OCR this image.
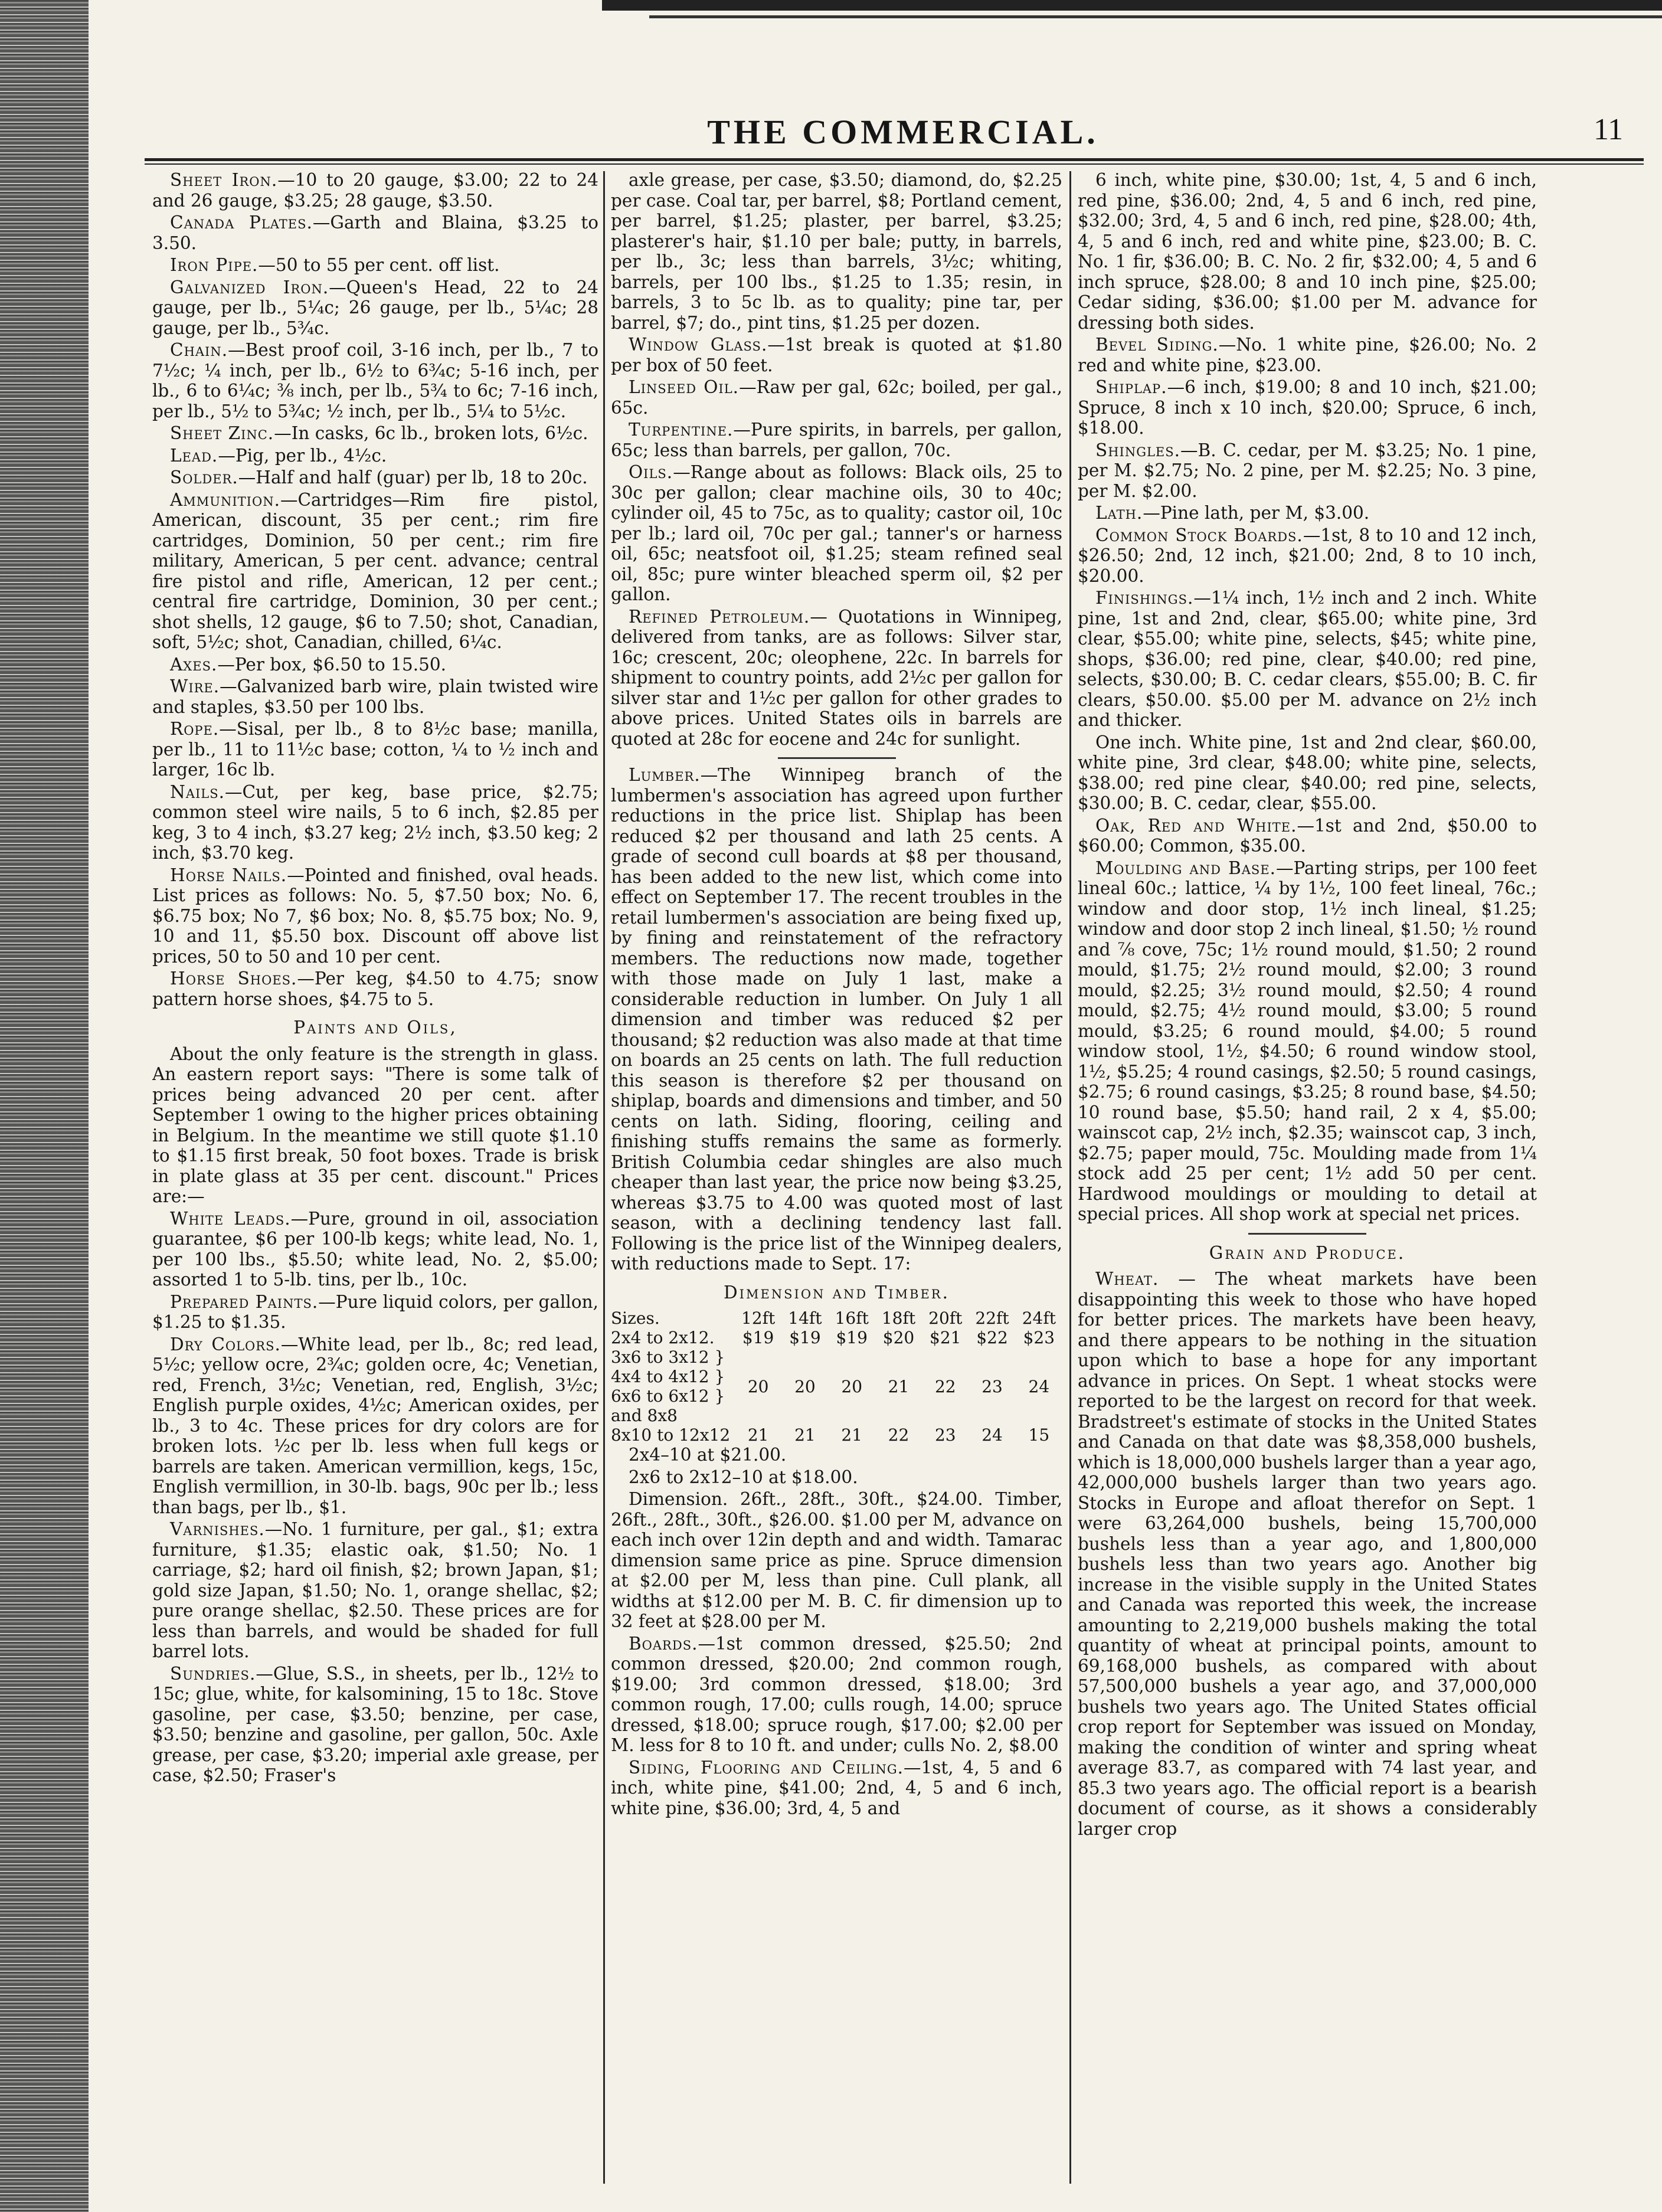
THE COMMERCIAL.	11

Sheet Iron.—10 to 20 gauge, $3.00; 22 to 24 and 26 gauge, $3.25; 28 gauge, $3.50.

Canada Plates.—Garth and Blaina, $3.25 to 3.50.

Iron Pipe.—50 to 55 per cent. off list.

Galvanized Iron.—Queen's Head, 22 to 24 gauge, per lb., 5¼c; 26 gauge, per lb., 5¼c; 28 gauge, per lb., 5¾c.

Chain.—Best proof coil, 3-16 inch, per lb., 7 to 7½c; ¼ inch, per lb., 6½ to 6¾c; 5-16 inch, per lb., 6 to 6¼c; ⅜ inch, per lb., 5¾ to 6c; 7-16 inch, per lb., 5½ to 5¾c; ½ inch, per lb., 5¼ to 5½c.

Sheet Zinc.—In casks, 6c lb., broken lots, 6½c.

Lead.—Pig, per lb., 4½c.

Solder.—Half and half (guar) per lb, 18 to 20c.

Ammunition.—Cartridges—Rim fire pistol, American, discount, 35 per cent.; rim fire cartridges, Dominion, 50 per cent.; rim fire military, American, 5 per cent. advance; central fire pistol and rifle, American, 12 per cent.; central fire cartridge, Dominion, 30 per cent.; shot shells, 12 gauge, $6 to 7.50; shot, Canadian, soft, 5½c; shot, Canadian, chilled, 6¼c.

Axes.—Per box, $6.50 to 15.50.

Wire.—Galvanized barb wire, plain twisted wire and staples, $3.50 per 100 lbs.

Rope.—Sisal, per lb., 8 to 8½c base; manilla, per lb., 11 to 11½c base; cotton, ¼ to ½ inch and larger, 16c lb.

Nails.—Cut, per keg, base price, $2.75; common steel wire nails, 5 to 6 inch, $2.85 per keg, 3 to 4 inch, $3.27 keg; 2½ inch, $3.50 keg; 2 inch, $3.70 keg.

Horse Nails.—Pointed and finished, oval heads. List prices as follows: No. 5, $7.50 box; No. 6, $6.75 box; No 7, $6 box; No. 8, $5.75 box; No. 9, 10 and 11, $5.50 box. Discount off above list prices, 50 to 50 and 10 per cent.

Horse Shoes.—Per keg, $4.50 to 4.75; snow pattern horse shoes, $4.75 to 5.

Paints and Oils,

About the only feature is the strength in glass. An eastern report says: "There is some talk of prices being advanced 20 per cent. after September 1 owing to the higher prices obtaining in Belgium. In the meantime we still quote $1.10 to $1.15 first break, 50 foot boxes. Trade is brisk in plate glass at 35 per cent. discount." Prices are:—

White Leads.—Pure, ground in oil, association guarantee, $6 per 100-lb kegs; white lead, No. 1, per 100 lbs., $5.50; white lead, No. 2, $5.00; assorted 1 to 5-lb. tins, per lb., 10c.

Prepared Paints.—Pure liquid colors, per gallon, $1.25 to $1.35.

Dry Colors.—White lead, per lb., 8c; red lead, 5½c; yellow ocre, 2¾c; golden ocre, 4c; Venetian, red, French, 3½c; Venetian, red, English, 3½c; English purple oxides, 4½c; American oxides, per lb., 3 to 4c. These prices for dry colors are for broken lots. ½c per lb. less when full kegs or barrels are taken. American vermillion, kegs, 15c, English vermillion, in 30-lb. bags, 90c per lb.; less than bags, per lb., $1.

Varnishes.—No. 1 furniture, per gal., $1; extra furniture, $1.35; elastic oak, $1.50; No. 1 carriage, $2; hard oil finish, $2; brown Japan, $1; gold size Japan, $1.50; No. 1, orange shellac, $2; pure orange shellac, $2.50. These prices are for less than barrels, and would be shaded for full barrel lots.

Sundries.—Glue, S.S., in sheets, per lb., 12½ to 15c; glue, white, for kalsomining, 15 to 18c. Stove gasoline, per case, $3.50; benzine, per case, $3.50; benzine and gasoline, per gallon, 50c. Axle grease, per case, $3.20; imperial axle grease, per case, $2.50; Fraser's

axle grease, per case, $3.50; diamond, do, $2.25 per case. Coal tar, per barrel, $8; Portland cement, per barrel, $1.25; plaster, per barrel, $3.25; plasterer's hair, $1.10 per bale; putty, in barrels, per lb., 3c; less than barrels, 3½c; whiting, barrels, per 100 lbs., $1.25 to 1.35; resin, in barrels, 3 to 5c lb. as to quality; pine tar, per barrel, $7; do., pint tins, $1.25 per dozen.

Window Glass.—1st break is quoted at $1.80 per box of 50 feet.

Linseed Oil.—Raw per gal, 62c; boiled, per gal., 65c.

Turpentine.—Pure spirits, in barrels, per gallon, 65c; less than barrels, per gallon, 70c.

Oils.—Range about as follows: Black oils, 25 to 30c per gallon; clear machine oils, 30 to 40c; cylinder oil, 45 to 75c, as to quality; castor oil, 10c per lb.; lard oil, 70c per gal.; tanner's or harness oil, 65c; neatsfoot oil, $1.25; steam refined seal oil, 85c; pure winter bleached sperm oil, $2 per gallon.

Refined Petroleum.— Quotations in Winnipeg, delivered from tanks, are as follows: Silver star, 16c; crescent, 20c; oleophene, 22c. In barrels for shipment to country points, add 2½c per gallon for silver star and 1½c per gallon for other grades to above prices. United States oils in barrels are quoted at 28c for eocene and 24c for sunlight.

Lumber.—The Winnipeg branch of the lumbermen's association has agreed upon further reductions in the price list. Shiplap has been reduced $2 per thousand and lath 25 cents. A grade of second cull boards at $8 per thousand, has been added to the new list, which come into effect on September 17. The recent troubles in the retail lumbermen's association are being fixed up, by fining and reinstatement of the refractory members. The reductions now made, together with those made on July 1 last, make a considerable reduction in lumber. On July 1 all dimension and timber was reduced $2 per thousand; $2 reduction was also made at that time on boards an 25 cents on lath. The full reduction this season is therefore $2 per thousand on shiplap, boards and dimensions and timber, and 50 cents on lath. Siding, flooring, ceiling and finishing stuffs remains the same as formerly. British Columbia cedar shingles are also much cheaper than last year, the price now being $3.25, whereas $3.75 to 4.00 was quoted most of last season, with a declining tendency last fall. Following is the price list of the Winnipeg dealers, with reductions made to Sept. 17:

Dimension and Timber.
Sizes.	12ft	14ft	16ft	18ft	20ft	22ft	24ft
2x4 to 2x12.	$19	$19	$19	$20	$21	$22	$23
3x6 to 3x12 } 4x4 to 4x12 } 6x6 to 6x12 } and 8x8	20	20	20	21	22	23	24
8x10 to 12x12	21	21	21	22	23	24	15

2x4–10 at $21.00.

2x6 to 2x12–10 at $18.00.

Dimension. 26ft., 28ft., 30ft., $24.00. Timber, 26ft., 28ft., 30ft., $26.00. $1.00 per M, advance on each inch over 12in depth and and width. Tamarac dimension same price as pine. Spruce dimension at $2.00 per M, less than pine. Cull plank, all widths at $12.00 per M. B. C. fir dimension up to 32 feet at $28.00 per M.

Boards.—1st common dressed, $25.50; 2nd common dressed, $20.00; 2nd common rough, $19.00; 3rd common dressed, $18.00; 3rd common rough, 17.00; culls rough, 14.00; spruce dressed, $18.00; spruce rough, $17.00; $2.00 per M. less for 8 to 10 ft. and under; culls No. 2, $8.00

Siding, Flooring and Ceiling.—1st, 4, 5 and 6 inch, white pine, $41.00; 2nd, 4, 5 and 6 inch, white pine, $36.00; 3rd, 4, 5 and

6 inch, white pine, $30.00; 1st, 4, 5 and 6 inch, red pine, $36.00; 2nd, 4, 5 and 6 inch, red pine, $32.00; 3rd, 4, 5 and 6 inch, red pine, $28.00; 4th, 4, 5 and 6 inch, red and white pine, $23.00; B. C. No. 1 fir, $36.00; B. C. No. 2 fir, $32.00; 4, 5 and 6 inch spruce, $28.00; 8 and 10 inch pine, $25.00; Cedar siding, $36.00; $1.00 per M. advance for dressing both sides.

Bevel Siding.—No. 1 white pine, $26.00; No. 2 red and white pine, $23.00.

Shiplap.—6 inch, $19.00; 8 and 10 inch, $21.00; Spruce, 8 inch x 10 inch, $20.00; Spruce, 6 inch, $18.00.

Shingles.—B. C. cedar, per M. $3.25; No. 1 pine, per M. $2.75; No. 2 pine, per M. $2.25; No. 3 pine, per M. $2.00.

Lath.—Pine lath, per M, $3.00.

Common Stock Boards.—1st, 8 to 10 and 12 inch, $26.50; 2nd, 12 inch, $21.00; 2nd, 8 to 10 inch, $20.00.

Finishings.—1¼ inch, 1½ inch and 2 inch. White pine, 1st and 2nd, clear, $65.00; white pine, 3rd clear, $55.00; white pine, selects, $45; white pine, shops, $36.00; red pine, clear, $40.00; red pine, selects, $30.00; B. C. cedar clears, $55.00; B. C. fir clears, $50.00. $5.00 per M. advance on 2½ inch and thicker.

One inch. White pine, 1st and 2nd clear, $60.00, white pine, 3rd clear, $48.00; white pine, selects, $38.00; red pine clear, $40.00; red pine, selects, $30.00; B. C. cedar, clear, $55.00.

Oak, Red and White.—1st and 2nd, $50.00 to $60.00; Common, $35.00.

Moulding and Base.—Parting strips, per 100 feet lineal 60c.; lattice, ¼ by 1½, 100 feet lineal, 76c.; window and door stop, 1½ inch lineal, $1.25; window and door stop 2 inch lineal, $1.50; ½ round and ⅞ cove, 75c; 1½ round mould, $1.50; 2 round mould, $1.75; 2½ round mould, $2.00; 3 round mould, $2.25; 3½ round mould, $2.50; 4 round mould, $2.75; 4½ round mould, $3.00; 5 round mould, $3.25; 6 round mould, $4.00; 5 round window stool, 1½, $4.50; 6 round window stool, 1½, $5.25; 4 round casings, $2.50; 5 round casings, $2.75; 6 round casings, $3.25; 8 round base, $4.50; 10 round base, $5.50; hand rail, 2 x 4, $5.00; wainscot cap, 2½ inch, $2.35; wainscot cap, 3 inch, $2.75; paper mould, 75c. Moulding made from 1¼ stock add 25 per cent; 1½ add 50 per cent. Hardwood mouldings or moulding to detail at special prices. All shop work at special net prices.

Grain and Produce.

Wheat. — The wheat markets have been disappointing this week to those who have hoped for better prices. The markets have been heavy, and there appears to be nothing in the situation upon which to base a hope for any important advance in prices. On Sept. 1 wheat stocks were reported to be the largest on record for that week. Bradstreet's estimate of stocks in the United States and Canada on that date was $8,358,000 bushels, which is 18,000,000 bushels larger than a year ago, 42,000,000 bushels larger than two years ago. Stocks in Europe and afloat therefor on Sept. 1 were 63,264,000 bushels, being 15,700,000 bushels less than a year ago, and 1,800,000 bushels less than two years ago. Another big increase in the visible supply in the United States and Canada was reported this week, the increase amounting to 2,219,000 bushels making the total quantity of wheat at principal points, amount to 69,168,000 bushels, as compared with about 57,500,000 bushels a year ago, and 37,000,000 bushels two years ago. The United States official crop report for September was issued on Monday, making the condition of winter and spring wheat average 83.7, as compared with 74 last year, and 85.3 two years ago. The official report is a bearish document of course, as it shows a considerably larger crop
